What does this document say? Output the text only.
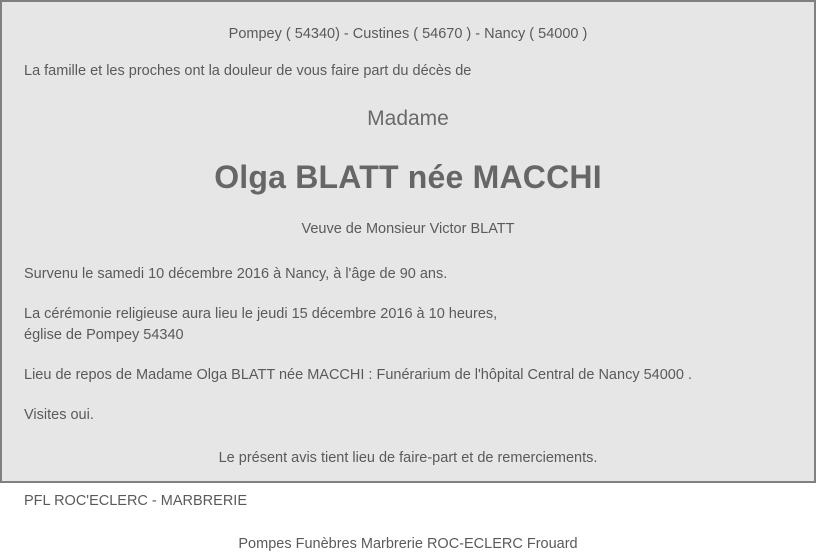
Pompey ( 54340) - Custines ( 54670 ) - Nancy ( 54000 )
La famille et les proches ont la douleur de vous faire part du décès de
Madame
Olga BLATT née MACCHI
Veuve de Monsieur Victor BLATT
Survenu le samedi 10 décembre 2016 à Nancy, à l'âge de 90 ans.
La cérémonie religieuse aura lieu le jeudi 15 décembre 2016 à 10 heures,
église de Pompey 54340
Lieu de repos de Madame Olga BLATT née MACCHI : Funérarium de l'hôpital Central de Nancy 54000 .
Visites oui.
Le présent avis tient lieu de faire-part et de remerciements.
PFL ROC'ECLERC - MARBRERIE
Pompes Funèbres Marbrerie ROC-ECLERC Frouard
